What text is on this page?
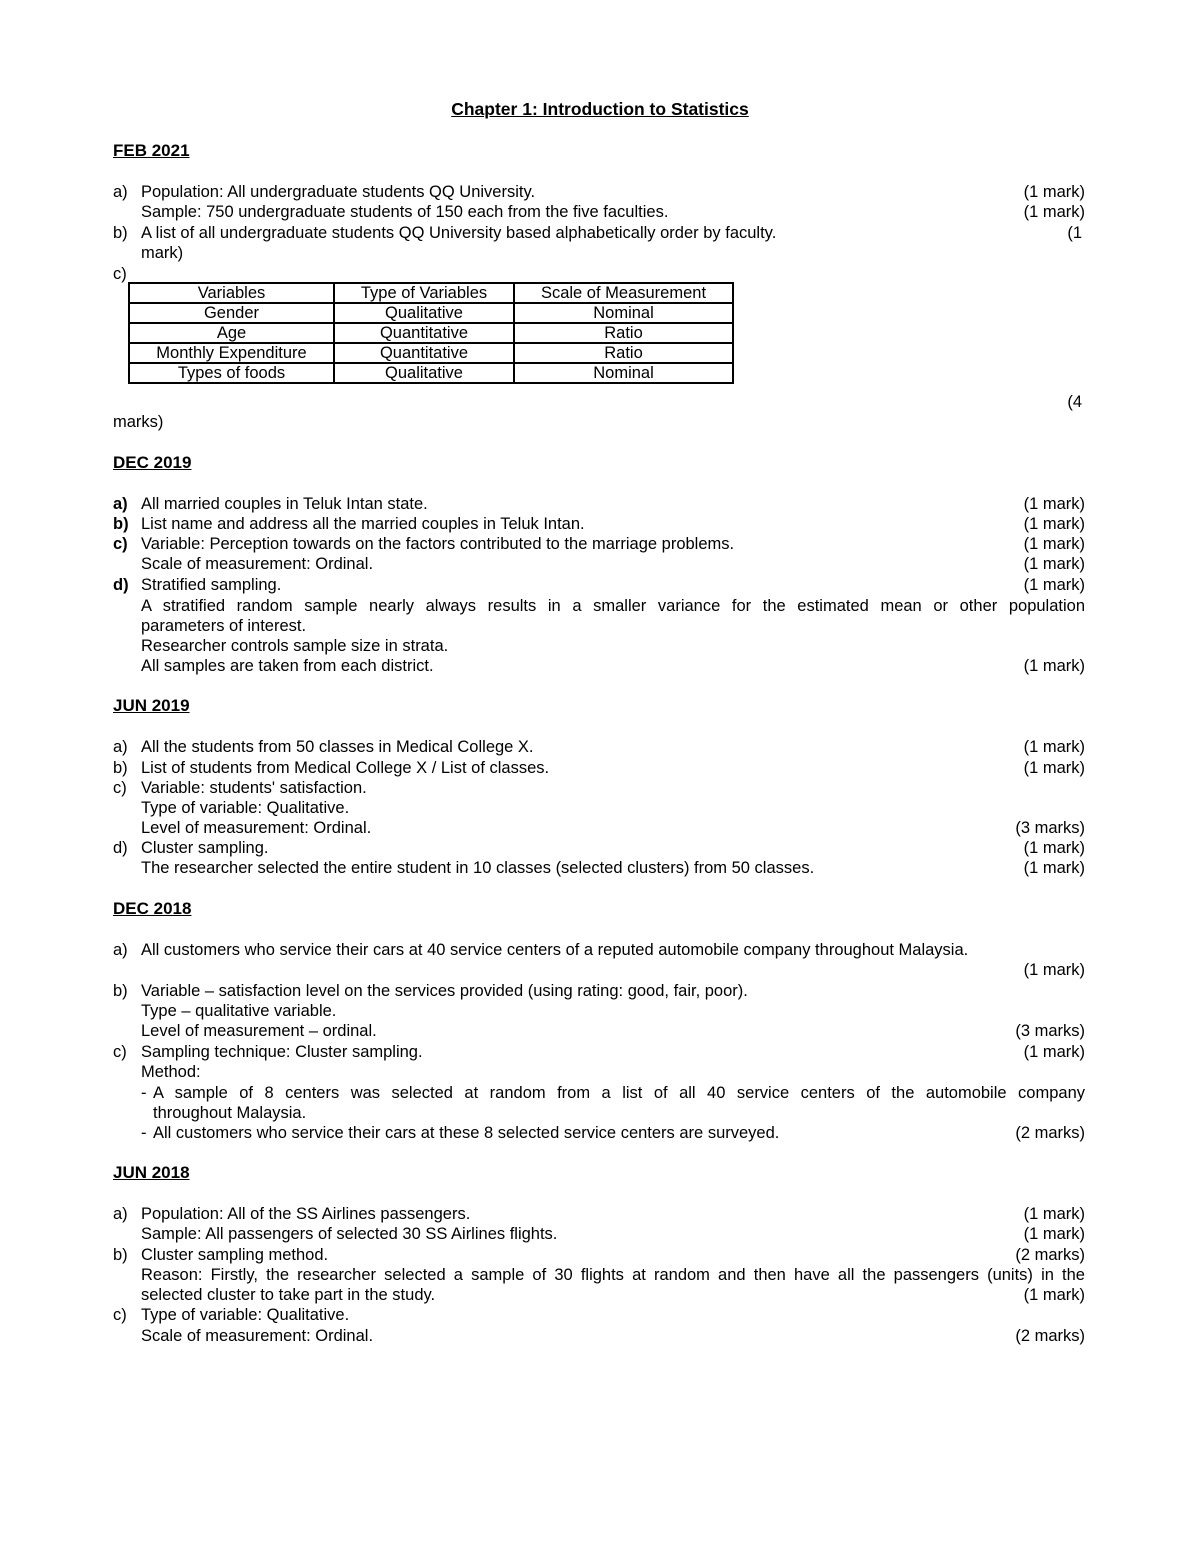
Chapter 1: Introduction to Statistics
FEB 2021
a) Population: All undergraduate students QQ University.	(1 mark)
Sample: 750 undergraduate students of 150 each from the five faculties.	(1 mark)
b) A list of all undergraduate students QQ University based alphabetically order by faculty.	(1
mark)
c)
Variables	Type of Variables	Scale of Measurement
Gender	Qualitative	Nominal
Age	Quantitative	Ratio
Monthly Expenditure	Quantitative	Ratio
Types of foods	Qualitative	Nominal
(4
marks)
DEC 2019
a) All married couples in Teluk Intan state.	(1 mark)
b) List name and address all the married couples in Teluk Intan.	(1 mark)
c) Variable: Perception towards on the factors contributed to the marriage problems.	(1 mark)
Scale of measurement: Ordinal.	(1 mark)
d) Stratified sampling.	(1 mark)
A stratified random sample nearly always results in a smaller variance for the estimated mean or other population
parameters of interest.
Researcher controls sample size in strata.
All samples are taken from each district.	(1 mark)
JUN 2019
a) All the students from 50 classes in Medical College X.	(1 mark)
b) List of students from Medical College X / List of classes.	(1 mark)
c) Variable: students' satisfaction.
Type of variable: Qualitative.
Level of measurement: Ordinal.	(3 marks)
d) Cluster sampling.	(1 mark)
The researcher selected the entire student in 10 classes (selected clusters) from 50 classes.	(1 mark)
DEC 2018
a) All customers who service their cars at 40 service centers of a reputed automobile company throughout Malaysia.
(1 mark)
b) Variable – satisfaction level on the services provided (using rating: good, fair, poor).
Type – qualitative variable.
Level of measurement – ordinal.	(3 marks)
c) Sampling technique: Cluster sampling.	(1 mark)
Method:
- A sample of 8 centers was selected at random from a list of all 40 service centers of the automobile company
throughout Malaysia.
- All customers who service their cars at these 8 selected service centers are surveyed.	(2 marks)
JUN 2018
a) Population: All of the SS Airlines passengers.	(1 mark)
Sample: All passengers of selected 30 SS Airlines flights.	(1 mark)
b) Cluster sampling method.	(2 marks)
Reason: Firstly, the researcher selected a sample of 30 flights at random and then have all the passengers (units) in the
selected cluster to take part in the study.	(1 mark)
c) Type of variable: Qualitative.
Scale of measurement: Ordinal.	(2 marks)
